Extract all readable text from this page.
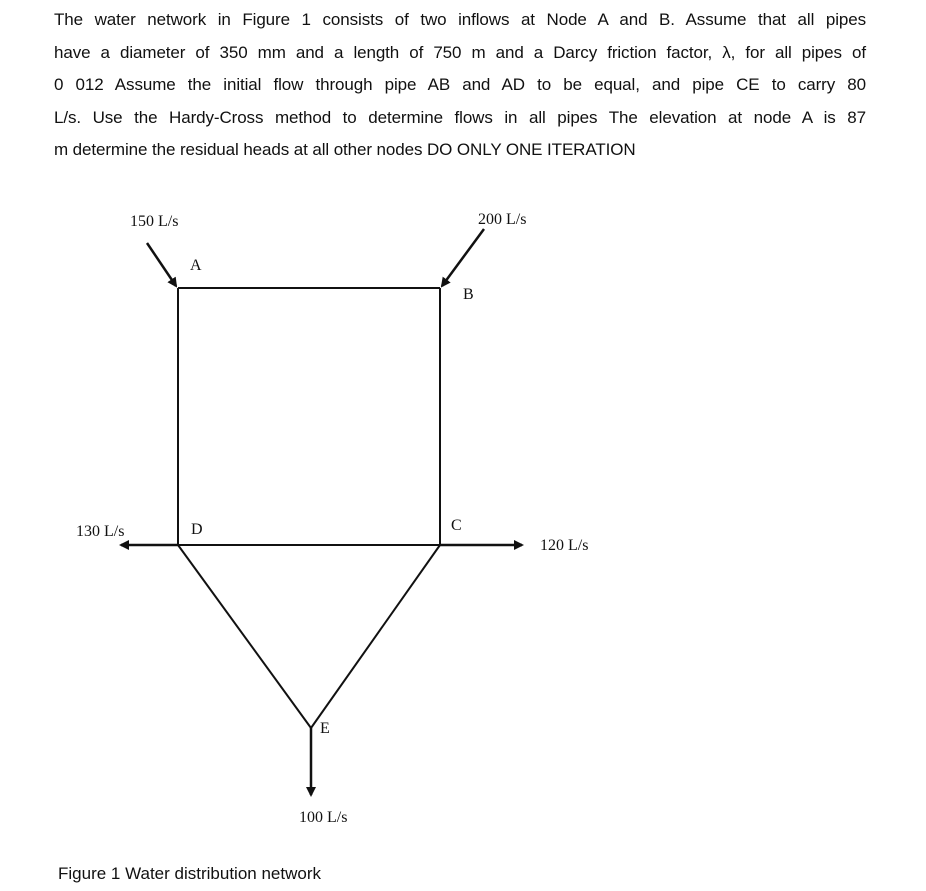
The water network in Figure 1 consists of two inflows at Node A and B. Assume that all pipes
have a diameter of 350 mm and a length of 750 m and a Darcy friction factor, λ, for all pipes of
0 012 Assume the initial flow through pipe AB and AD to be equal, and pipe CE to carry 80
L/s. Use the Hardy-Cross method to determine flows in all pipes The elevation at node A is 87
m determine the residual heads at all other nodes DO ONLY ONE ITERATION
150 L/s	200 L/s
130 L/s
120 L/s
100 L/s
A
B
C
D
E

Figure 1 Water distribution network
